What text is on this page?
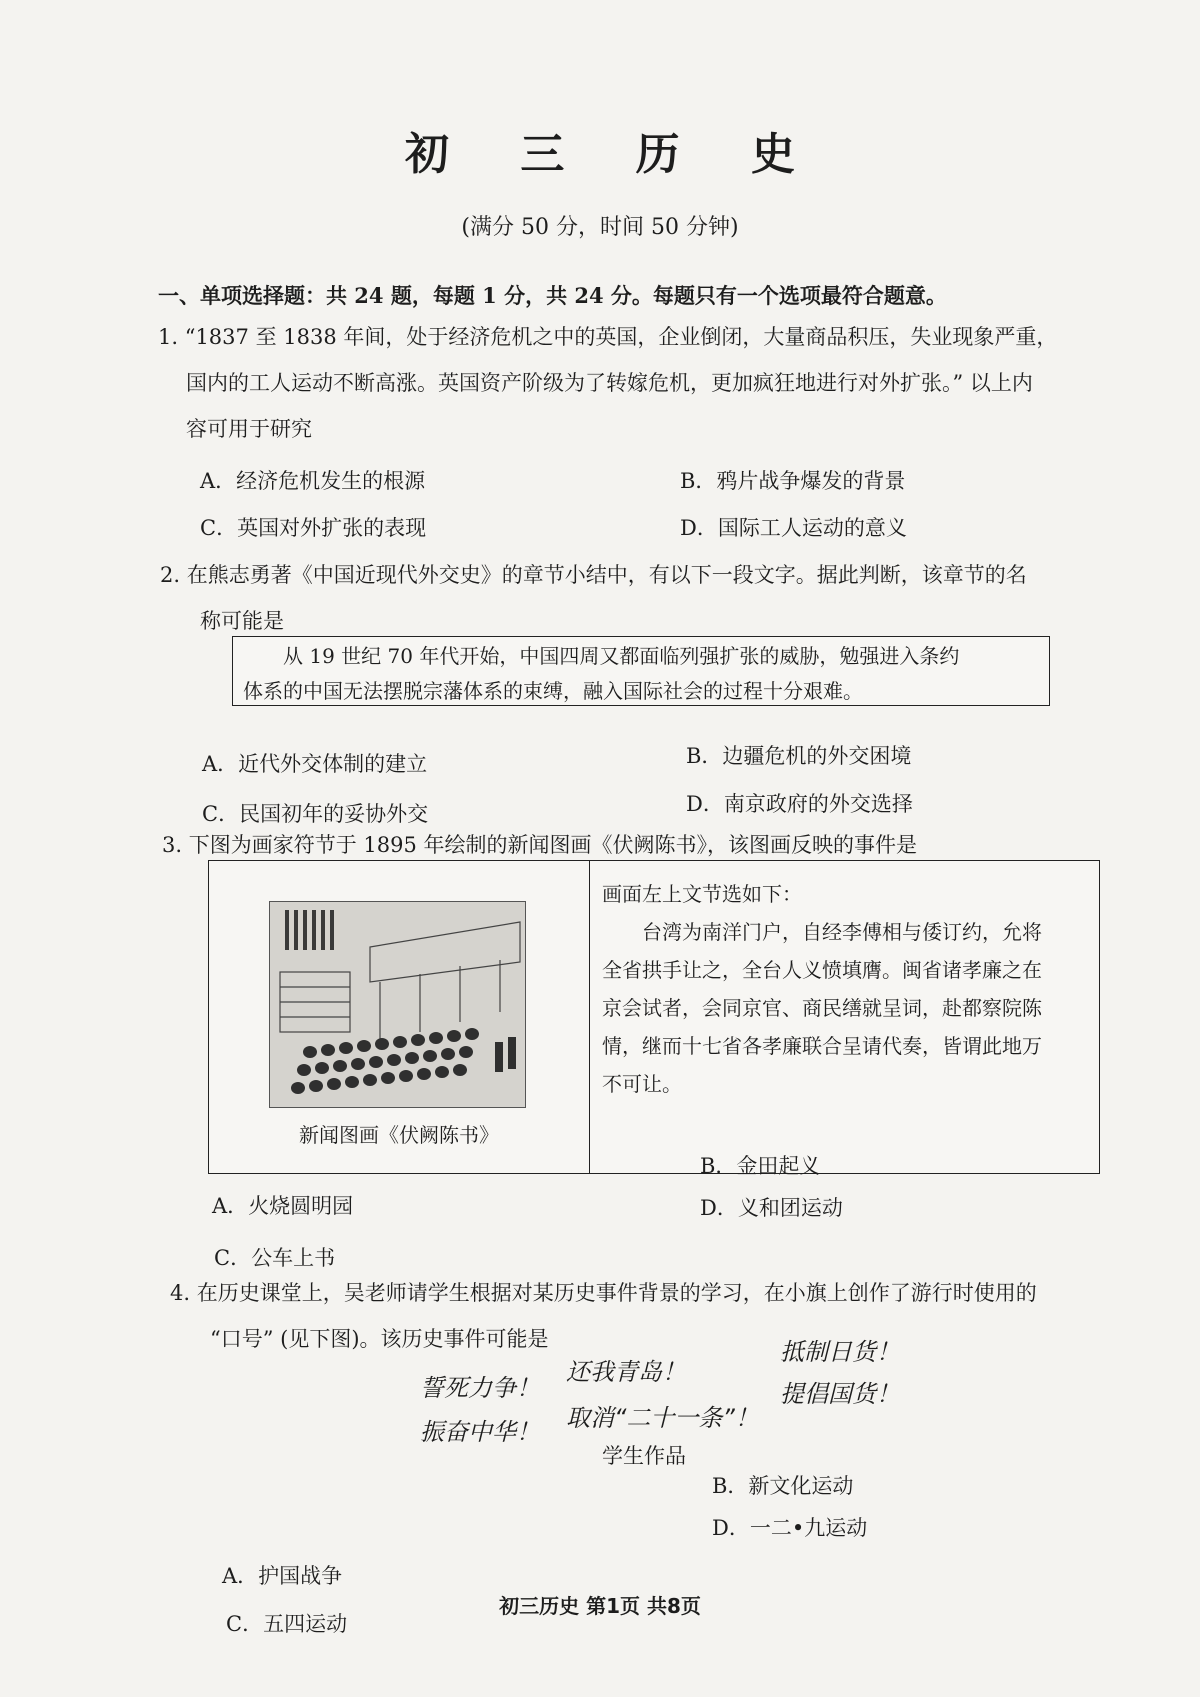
初 三 历 史
(满分 50 分，时间 50 分钟)
一、单项选择题：共 24 题，每题 1 分，共 24 分。每题只有一个选项最符合题意。
1. “1837 至 1838 年间，处于经济危机之中的英国，企业倒闭，大量商品积压，失业现象严重，
国内的工人运动不断高涨。英国资产阶级为了转嫁危机，更加疯狂地进行对外扩张。” 以上内
容可用于研究
A．经济危机发生的根源	B．鸦片战争爆发的背景
C．英国对外扩张的表现	D．国际工人运动的意义
2. 在熊志勇著《中国近现代外交史》的章节小结中，有以下一段文字。据此判断，该章节的名
称可能是
从 19 世纪 70 年代开始，中国四周又都面临列强扩张的威胁，勉强进入条约
体系的中国无法摆脱宗藩体系的束缚，融入国际社会的过程十分艰难。
A．近代外交体制的建立	B．边疆危机的外交困境
C．民国初年的妥协外交	D．南京政府的外交选择
3. 下图为画家符节于 1895 年绘制的新闻图画《伏阙陈书》，该图画反映的事件是
新闻图画《伏阙陈书》
画面左上文节选如下：
台湾为南洋门户，自经李傅相与倭订约，允将
全省拱手让之，全台人义愤填膺。闽省诸孝廉之在
京会试者，会同京官、商民缮就呈词，赴都察院陈
情，继而十七省各孝廉联合呈请代奏，皆谓此地万
不可让。
A．火烧圆明园
B．金田起义
C．公车上书
D．义和团运动
4. 在历史课堂上，吴老师请学生根据对某历史事件背景的学习，在小旗上创作了游行时使用的
“口号” (见下图)。该历史事件可能是
誓死力争！
振奋中华！
还我青岛！
取消“二十一条”！
抵制日货！
提倡国货！
学生作品
A．护国战争
B．新文化运动
C．五四运动
D．一二•九运动
初三历史 第1页 共8页
